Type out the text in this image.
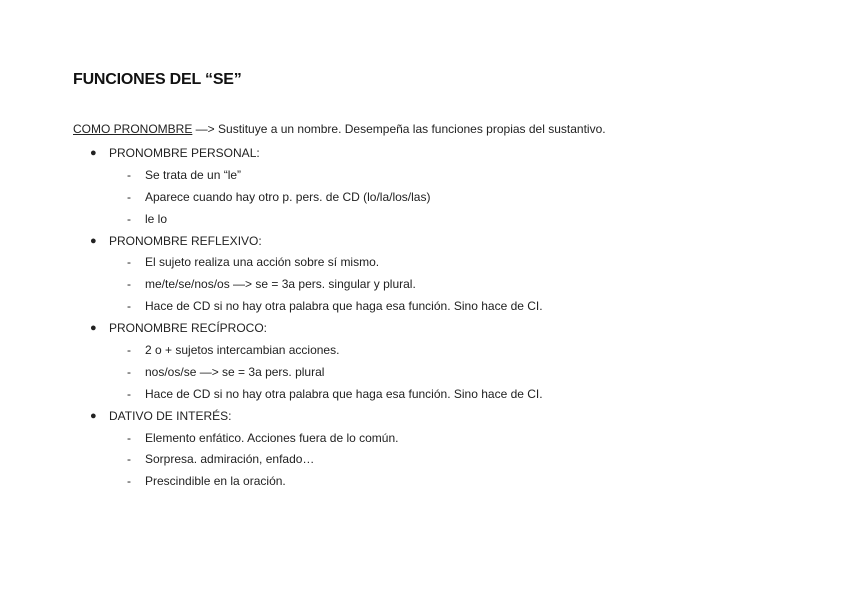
FUNCIONES DEL “SE”
COMO PRONOMBRE —> Sustituye a un nombre. Desempeña las funciones propias del sustantivo.
● PRONOMBRE PERSONAL:
- Se trata de un “le”
- Aparece cuando hay otro p. pers. de CD (lo/la/los/las)
- le lo
● PRONOMBRE REFLEXIVO:
- El sujeto realiza una acción sobre sí mismo.
- me/te/se/nos/os —> se = 3a pers. singular y plural.
- Hace de CD si no hay otra palabra que haga esa función. Sino hace de CI.
● PRONOMBRE RECÍPROCO:
- 2 o + sujetos intercambian acciones.
- nos/os/se —> se = 3a pers. plural
- Hace de CD si no hay otra palabra que haga esa función. Sino hace de CI.
● DATIVO DE INTERÉS:
- Elemento enfático. Acciones fuera de lo común.
- Sorpresa. admiración, enfado…
- Prescindible en la oración.
